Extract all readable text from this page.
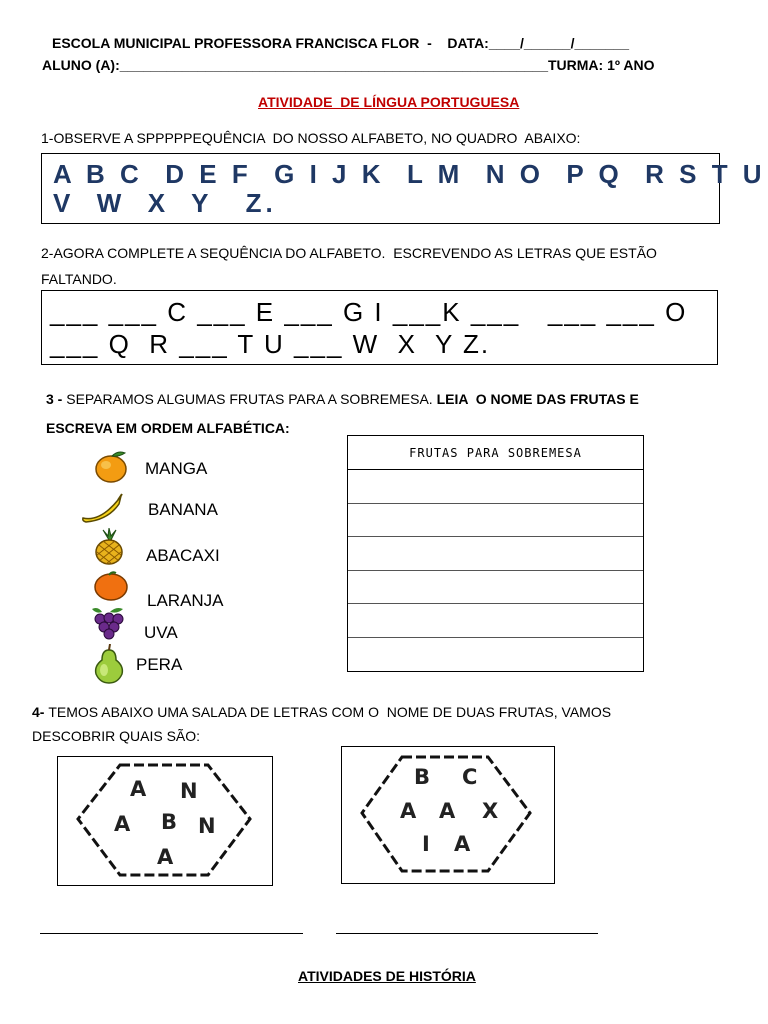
ESCOLA MUNICIPAL PROFESSORA FRANCISCA FLOR  -    DATA:____/______/_______
ALUNO (A):_______________________________________________________TURMA: 1º ANO
ATIVIDADE  DE LÍNGUA PORTUGUESA
1-OBSERVE A SPPPPPEQUÊNCIA  DO NOSSO ALFABETO, NO QUADRO  ABAIXO:
A B C  D E F  G I J K  L M  N O  P Q  R S T U
V  W  X  Y   Z.
2-AGORA COMPLETE A SEQUÊNCIA DO ALFABETO.  ESCREVENDO AS LETRAS QUE ESTÃO
FALTANDO.
___ ___ C ___ E ___ G I ___K ___   ___ ___ O
___ Q  R ___ T U ___ W  X  Y Z.
3 - SEPARAMOS ALGUMAS FRUTAS PARA A SOBREMESA. LEIA  O NOME DAS FRUTAS E
ESCREVA EM ORDEM ALFABÉTICA:
MANGA
BANANA
ABACAXI
LARANJA
UVA
PERA
FRUTAS PARA SOBREMESA
4- TEMOS ABAIXO UMA SALADA DE LETRAS COM O  NOME DE DUAS FRUTAS, VAMOS
DESCOBRIR QUAIS SÃO:
A N
A B N
A
B C
A A X
I A
ATIVIDADES DE HISTÓRIA
